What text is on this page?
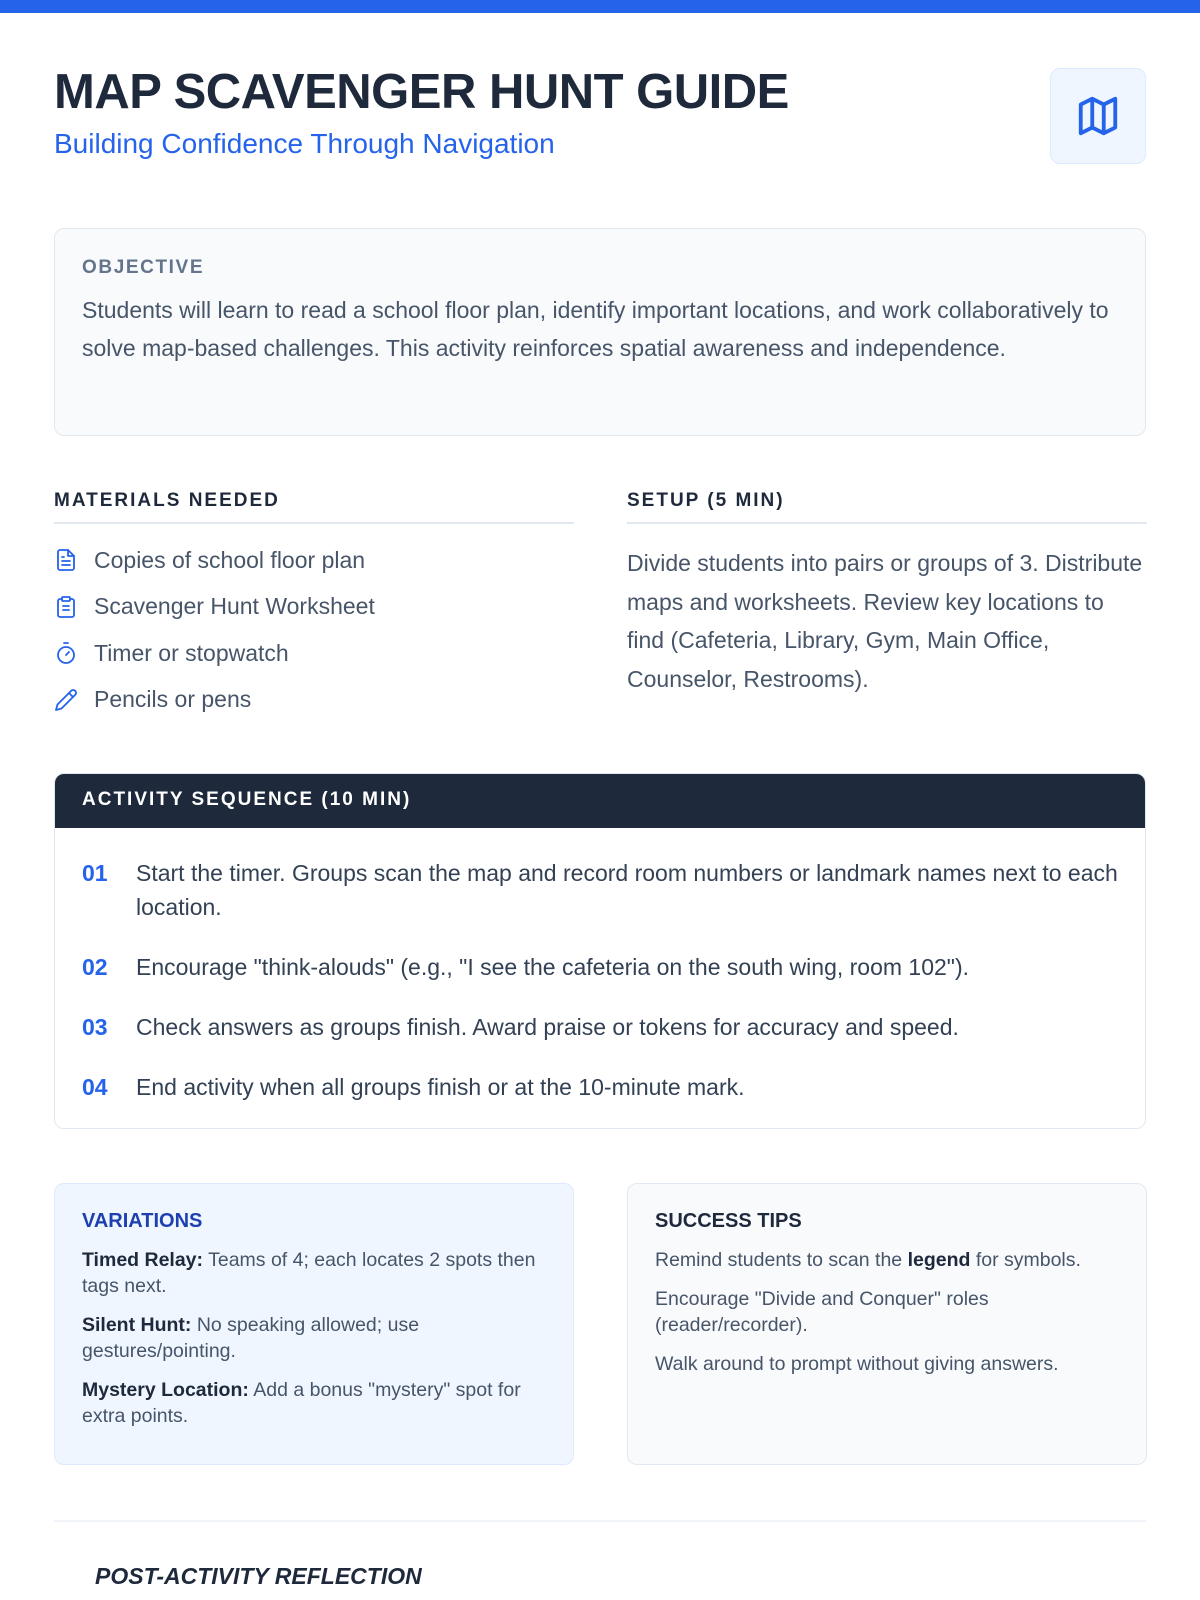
MAP SCAVENGER HUNT GUIDE
Building Confidence Through Navigation
OBJECTIVE

Students will learn to read a school floor plan, identify important locations, and work collaboratively to solve map-based challenges. This activity reinforces spatial awareness and independence.

MATERIALS NEEDED
Copies of school floor plan
Scavenger Hunt Worksheet
Timer or stopwatch
Pencils or pens
SETUP (5 MIN)

Divide students into pairs or groups of 3. Distribute maps and worksheets. Review key locations to find (Cafeteria, Library, Gym, Main Office, Counselor, Restrooms).

ACTIVITY SEQUENCE (10 MIN)
01	Start the timer. Groups scan the map and record room numbers or landmark names next to each location.
02	Encourage "think-alouds" (e.g., "I see the cafeteria on the south wing, room 102").
03	Check answers as groups finish. Award praise or tokens for accuracy and speed.
04	End activity when all groups finish or at the 10-minute mark.
VARIATIONS
Timed Relay: Teams of 4; each locates 2 spots then tags next.
Silent Hunt: No speaking allowed; use gestures/pointing.
Mystery Location: Add a bonus "mystery" spot for extra points.
SUCCESS TIPS
Remind students to scan the legend for symbols.
Encourage "Divide and Conquer" roles (reader/recorder).
Walk around to prompt without giving answers.
POST-ACTIVITY REFLECTION
